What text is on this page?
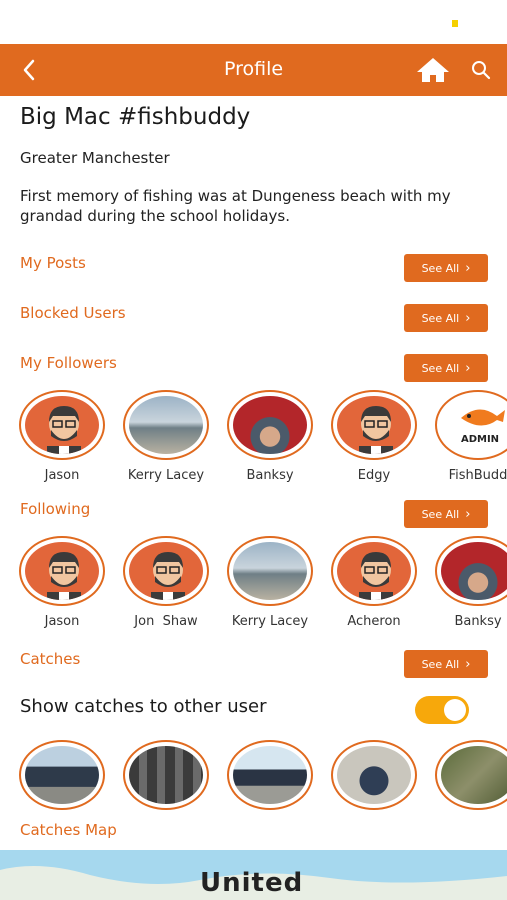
Profile
Big Mac #fishbuddy
Greater Manchester
First memory of fishing was at Dungeness beach with my grandad during the school holidays.
My Posts	See All ›
Blocked Users	See All ›
My Followers	See All ›
Jason	Kerry Lacey	Banksy	Edgy
ADMIN
FishBudd
Following	See All ›
Jason	Jon  Shaw	Kerry Lacey	Acheron	Banksy
Catches	See All ›
Show catches to other user
Catches Map
United
